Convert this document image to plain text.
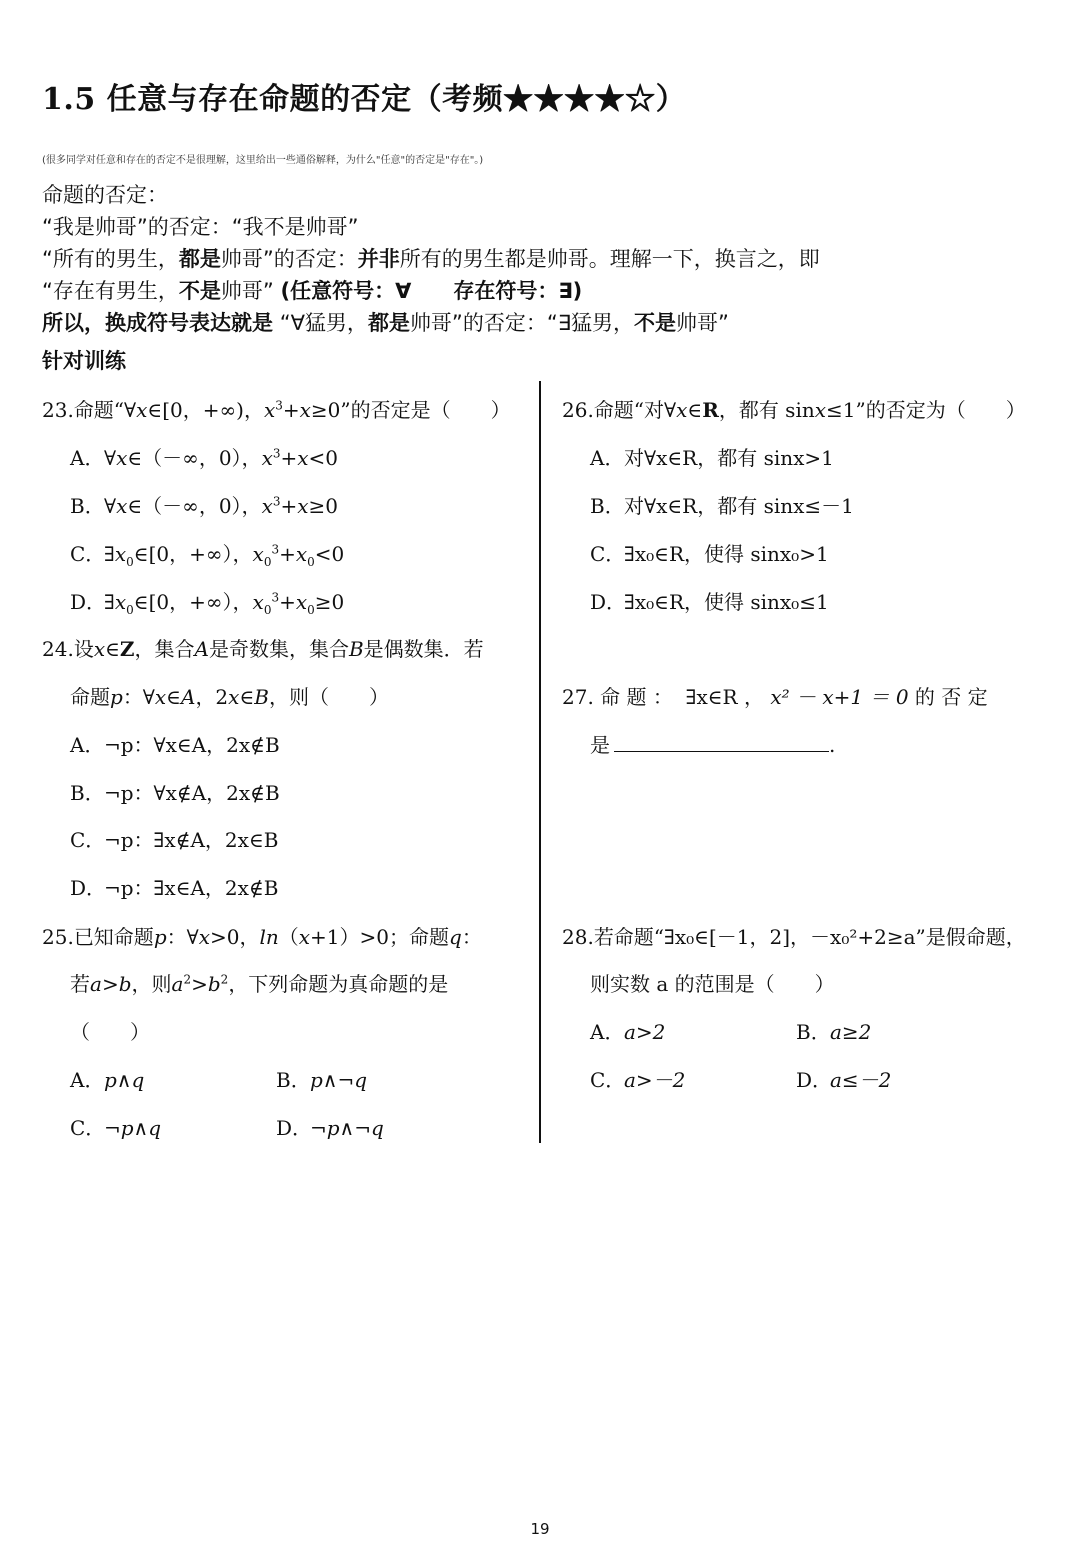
1.5 任意与存在命题的否定（考频★★★★☆）
(很多同学对任意和存在的否定不是很理解，这里给出一些通俗解释，为什么"任意"的否定是"存在"。)
命题的否定：
“我是帅哥”的否定：“我不是帅哥”
“所有的男生，都是帅哥”的否定：并非所有的男生都是帅哥。理解一下，换言之，即
“存在有男生，不是帅哥” (任意符号：∀　　存在符号：∃)
所以，换成符号表达就是 “∀猛男，都是帅哥”的否定：“∃猛男，不是帅哥”
针对训练
23.命题“∀x∈[0，+∞)，$x^3+x\ge 0$”的否定是（　　）
A．∀x∈（－∞，0），$x^3+x<0$
B．∀x∈（－∞，0），$x^3+x\ge 0$
C．$\exists x_0\in[0$，+∞），$x_0^3+x_0<0$
D．$\exists x_0\in[0$，+∞），$x_0^3+x_0\ge 0$
24.设x∈Z，集合A是奇数集，集合B是偶数集．若
命题p：∀x∈A，2x∈B，则（　　）
A．¬p：∀x∈A，2x∉B
B．¬p：∀x∉A，2x∉B
C．¬p：∃x∉A，2x∈B
D．¬p：∃x∈A，2x∉B
25.已知命题p：∀x>0，ln（x+1）>0；命题q：
若a>b，则$a^2>b^2$，下列命题为真命题的是
（　　）
A．p∧q	B．p∧¬q
C．¬p∧q	D．¬p∧¬q
26.命题“对∀x∈R，都有 sinx≤1”的否定为（　　）
A．对∀x∈R，都有 sinx>1
B．对∀x∈R，都有 sinx≤－1
C．∃x₀∈R，使得 sinx₀>1
D．∃x₀∈R，使得 sinx₀≤1
27. 命 题 ： ∃x∈R ， x² － x+1 ＝ 0 的 否 定
是	.
28.若命题“∃x₀∈[－1，2]，－x₀²+2≥a”是假命题，
则实数 a 的范围是（　　）
A．a>2	B．a≥2
C．a>－2	D．a≤－2
19
